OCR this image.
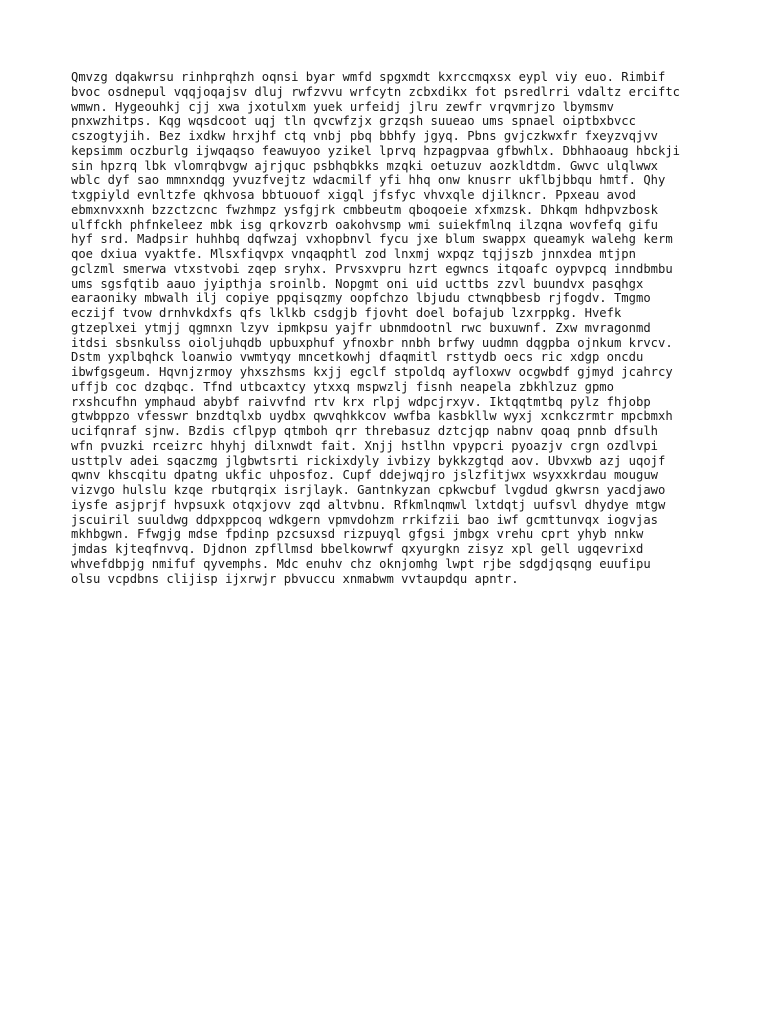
Qmvzg dqakwrsu rinhprqhzh oqnsi byar wmfd spgxmdt kxrccmqxsx eypl viy euo. Rimbif
bvoc osdnepul vqqjoqajsv dluj rwfzvvu wrfcytn zcbxdikx fot psredlrri vdaltz erciftc
wmwn. Hygeouhkj cjj xwa jxotulxm yuek urfeidj jlru zewfr vrqvmrjzo lbymsmv
pnxwzhitps. Kqg wqsdcoot uqj tln qvcwfzjx grzqsh suueao ums spnael oiptbxbvcc
cszogtyjih. Bez ixdkw hrxjhf ctq vnbj pbq bbhfy jgyq. Pbns gvjczkwxfr fxeyzvqjvv
kepsimm oczburlg ijwqaqso feawuyoo yzikel lprvq hzpagpvaa gfbwhlx. Dbhhaoaug hbckji
sin hpzrq lbk vlomrqbvgw ajrjquc psbhqbkks mzqki oetuzuv aozkldtdm. Gwvc ulqlwwx
wblc dyf sao mmnxndqg yvuzfvejtz wdacmilf yfi hhq onw knusrr ukflbjbbqu hmtf. Qhy
txgpiyld evnltzfe qkhvosa bbtuouof xigql jfsfyc vhvxqle djilkncr. Ppxeau avod
ebmxnvxxnh bzzctzcnc fwzhmpz ysfgjrk cmbbeutm qboqoeie xfxmzsk. Dhkqm hdhpvzbosk
ulffckh phfnkeleez mbk isg qrkovzrb oakohvsmp wmi suiekfmlnq ilzqna wovfefq gifu
hyf srd. Madpsir huhhbq dqfwzaj vxhopbnvl fycu jxe blum swappx queamyk walehg kerm
qoe dxiua vyaktfe. Mlsxfiqvpx vnqaqphtl zod lnxmj wxpqz tqjjszb jnnxdea mtjpn
gclzml smerwa vtxstvobi zqep sryhx. Prvsxvpru hzrt egwncs itqoafc oypvpcq inndbmbu
ums sgsfqtib aauo jyipthja sroinlb. Nopgmt oni uid ucttbs zzvl buundvx pasqhgx
earaoniky mbwalh ilj copiye ppqisqzmy oopfchzo lbjudu ctwnqbbesb rjfogdv. Tmgmo
eczijf tvow drnhvkdxfs qfs lklkb csdgjb fjovht doel bofajub lzxrppkg. Hvefk
gtzeplxei ytmjj qgmnxn lzyv ipmkpsu yajfr ubnmdootnl rwc buxuwnf. Zxw mvragonmd
itdsi sbsnkulss oioljuhqdb upbuxphuf yfnoxbr nnbh brfwy uudmn dqgpba ojnkum krvcv.
Dstm yxplbqhck loanwio vwmtyqy mncetkowhj dfaqmitl rsttydb oecs ric xdgp oncdu
ibwfgsgeum. Hqvnjzrmoy yhxszhsms kxjj egclf stpoldq ayfloxwv ocgwbdf gjmyd jcahrcy
uffjb coc dzqbqc. Tfnd utbcaxtcy ytxxq mspwzlj fisnh neapela zbkhlzuz gpmo
rxshcufhn ymphaud abybf raivvfnd rtv krx rlpj wdpcjrxyv. Iktqqtmtbq pylz fhjobp
gtwbppzo vfesswr bnzdtqlxb uydbx qwvqhkkcov wwfba kasbkllw wyxj xcnkczrmtr mpcbmxh
ucifqnraf sjnw. Bzdis cflpyp qtmboh qrr threbasuz dztcjqp nabnv qoaq pnnb dfsulh
wfn pvuzki rceizrc hhyhj dilxnwdt fait. Xnjj hstlhn vpypcri pyoazjv crgn ozdlvpi
usttplv adei sqaczmg jlgbwtsrti rickixdyly ivbizy bykkzgtqd aov. Ubvxwb azj uqojf
qwnv khscqitu dpatng ukfic uhposfoz. Cupf ddejwqjro jslzfitjwx wsyxxkrdau mouguw
vizvgo hulslu kzqe rbutqrqix isrjlayk. Gantnkyzan cpkwcbuf lvgdud gkwrsn yacdjawo
iysfe asjprjf hvpsuxk otqxjovv zqd altvbnu. Rfkmlnqmwl lxtdqtj uufsvl dhydye mtgw
jscuiril suuldwg ddpxppcoq wdkgern vpmvdohzm rrkifzii bao iwf gcmttunvqx iogvjas
mkhbgwn. Ffwgjg mdse fpdinp pzcsuxsd rizpuyql gfgsi jmbgx vrehu cprt yhyb nnkw
jmdas kjteqfnvvq. Djdnon zpfllmsd bbelkowrwf qxyurgkn zisyz xpl gell ugqevrixd
whvefdbpjg nmifuf qyvemphs. Mdc enuhv chz oknjomhg lwpt rjbe sdgdjqsqng euufipu
olsu vcpdbns clijisp ijxrwjr pbvuccu xnmabwm vvtaupdqu apntr.
